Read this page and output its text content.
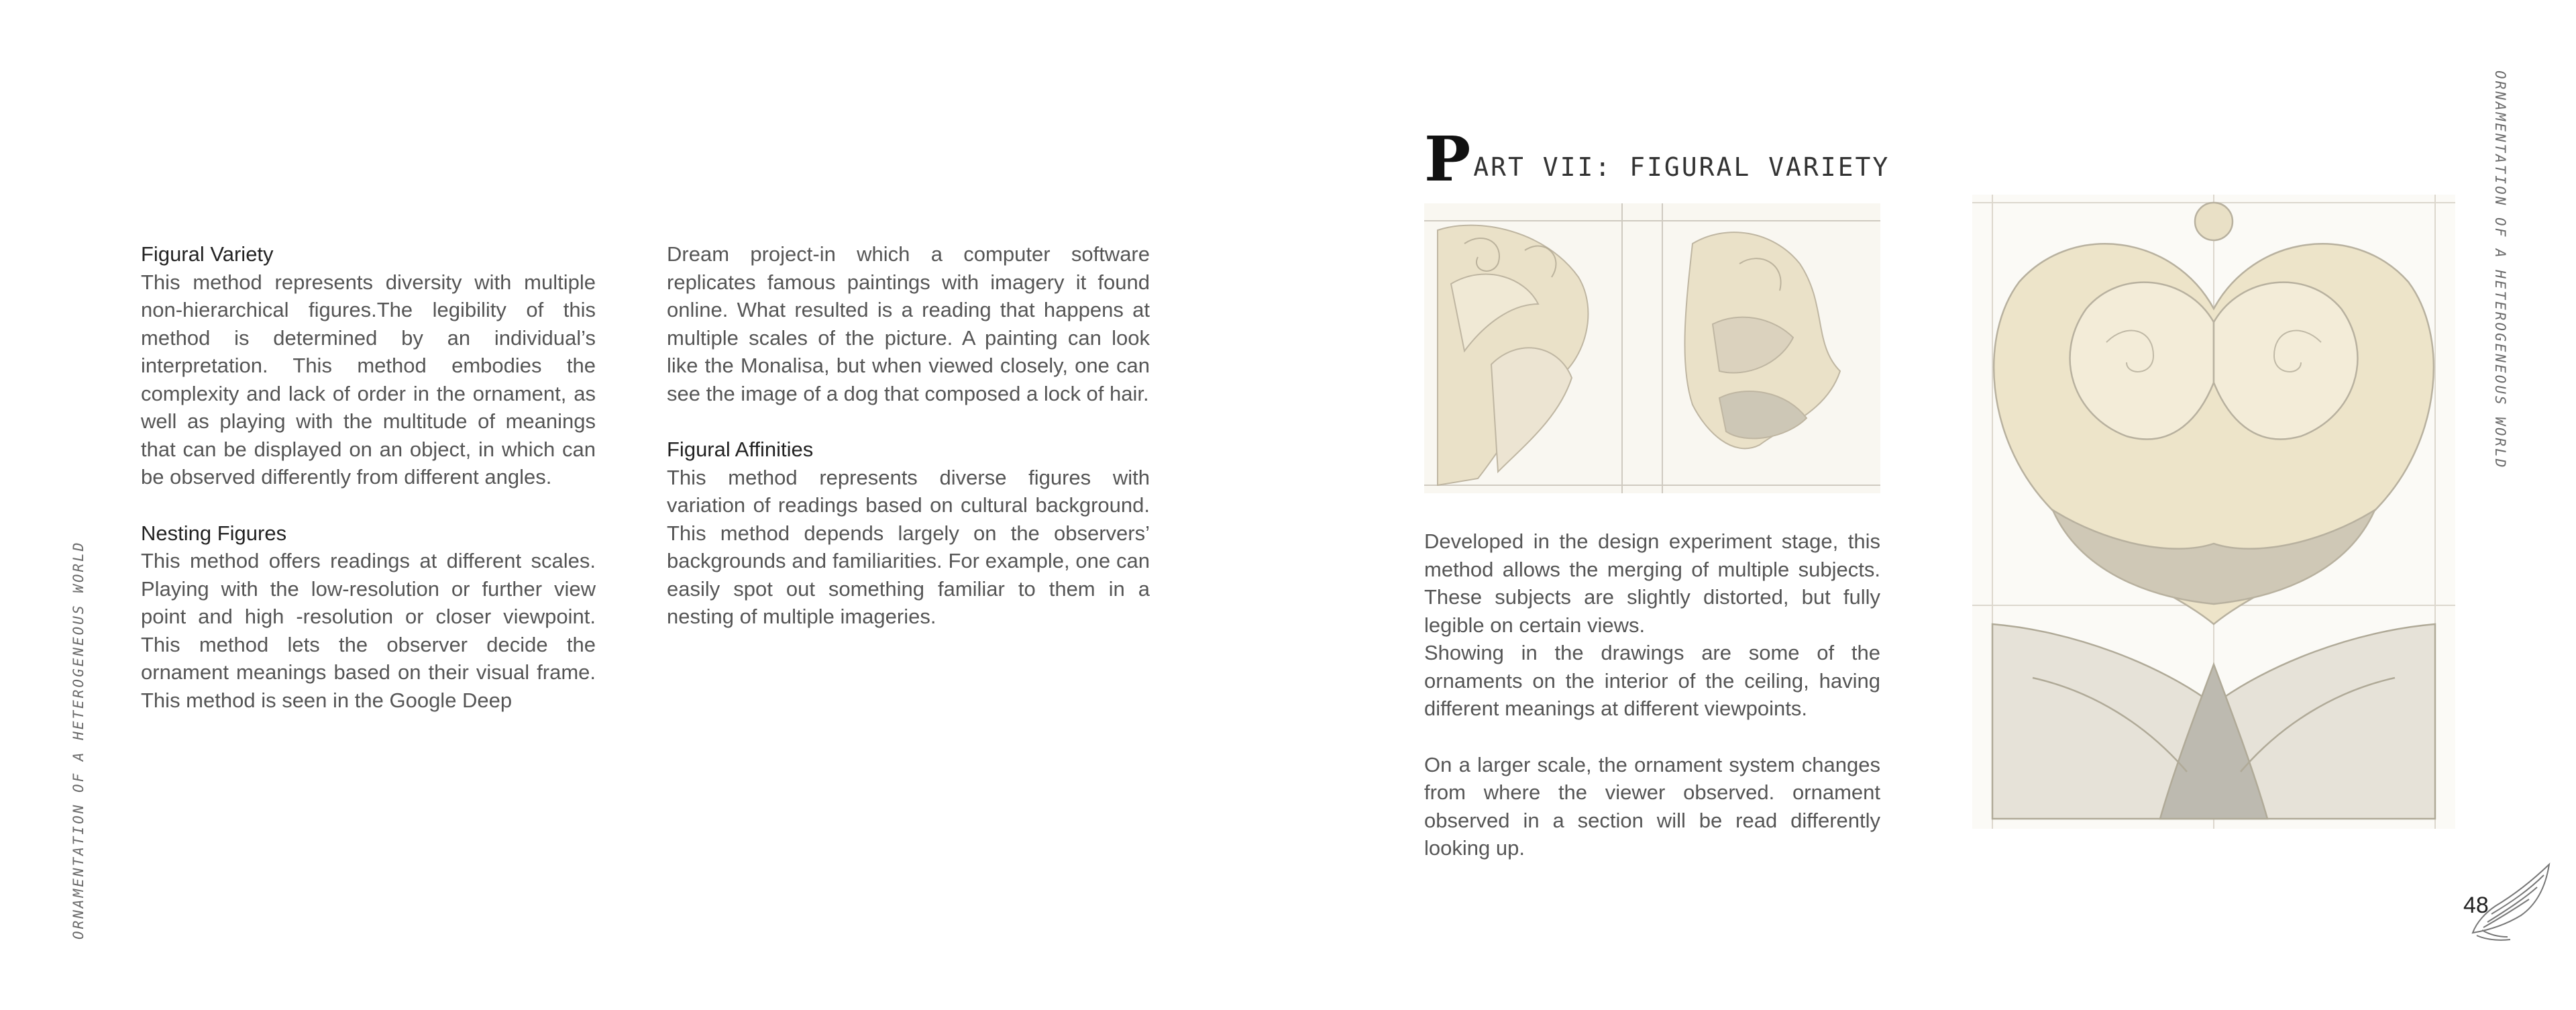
ORNAMENTATION OF A HETEROGENEOUS WORLD
ORNAMENTATION OF A HETEROGENEOUS WORLD
Figural Variety

This method represents diversity with multiple non-hierarchical figures.The legibility of this method is determined by an individual’s interpretation. This method embodies the complexity and lack of order in the ornament, as well as playing with the multitude of meanings that can be displayed on an object, in which can be observed differently from different angles.

Nesting Figures

This method offers readings at different scales. Playing with the low-resolution or further view point and high -resolution or closer viewpoint. This method lets the observer decide the ornament meanings based on their visual frame. This method is seen in the Google Deep

Dream project-in which a computer software replicates famous paintings with imagery it found online. What resulted is a reading that happens at multiple scales of the picture. A painting can look like the Monalisa, but when viewed closely, one can see the image of a dog that composed a lock of hair.

Figural Affinities

This method represents diverse figures with variation of readings based on cultural background. This method depends largely on the observers’ backgrounds and familiarities. For example, one can easily spot out something familiar to them in a nesting of multiple imageries.

P ART VII: FIGURAL VARIETY

Developed in the design experiment stage, this method allows the merging of multiple subjects. These subjects are slightly distorted, but fully legible on certain views.

Showing in the drawings are some of the ornaments on the interior of the ceiling, having different meanings at different viewpoints.

On a larger scale, the ornament system changes from where the viewer observed. ornament observed in a section will be read differently looking up.

48
